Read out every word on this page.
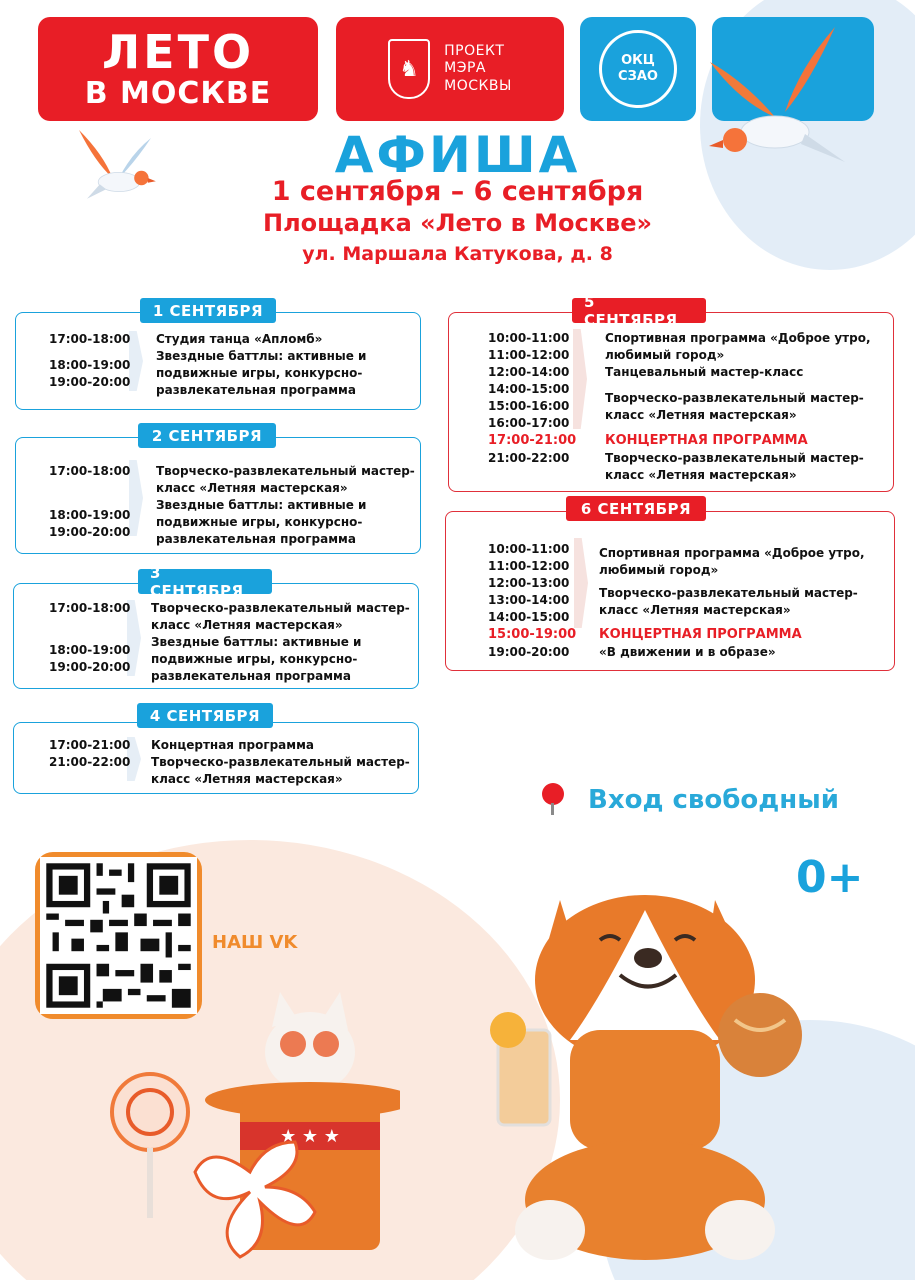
ЛЕТО
В МОСКВЕ
♞
ПРОЕКТ
МЭРА
МОСКВЫ
ОКЦ
СЗАО
АФИША
1 сентября – 6 сентября
Площадка «Лето в Москве»
ул. Маршала Катукова, д. 8
17:00-18:00
18:00-19:00
19:00-20:00
Студия танца «Апломб»
Звездные баттлы: активные и
подвижные игры, конкурсно-
развлекательная программа
1 СЕНТЯБРЯ
17:00-18:00
18:00-19:00
19:00-20:00
Творческо-развлекательный мастер-
класс «Летняя мастерская»
Звездные баттлы: активные и
подвижные игры, конкурсно-
развлекательная программа
2 СЕНТЯБРЯ
17:00-18:00
18:00-19:00
19:00-20:00
Творческо-развлекательный мастер-
класс «Летняя мастерская»
Звездные баттлы: активные и
подвижные игры, конкурсно-
развлекательная программа
3 СЕНТЯБРЯ
17:00-21:00
21:00-22:00
Концертная программа
Творческо-развлекательный мастер-
класс «Летняя мастерская»
4 СЕНТЯБРЯ
10:00-11:00
11:00-12:00
12:00-14:00
14:00-15:00
15:00-16:00
16:00-17:00
17:00-21:00
21:00-22:00
Спортивная программа «Доброе утро,
любимый город»
Танцевальный мастер-класс
Творческо-развлекательный мастер-
класс «Летняя мастерская»
КОНЦЕРТНАЯ ПРОГРАММА
Творческо-развлекательный мастер-
класс «Летняя мастерская»
5 СЕНТЯБРЯ
10:00-11:00
11:00-12:00
12:00-13:00
13:00-14:00
14:00-15:00
15:00-19:00
19:00-20:00
Спортивная программа «Доброе утро,
любимый город»
Творческо-развлекательный мастер-
класс «Летняя мастерская»
КОНЦЕРТНАЯ ПРОГРАММА
«В движении и в образе»
6 СЕНТЯБРЯ
Вход свободный
0+
НАШ VK
★ ★ ★
